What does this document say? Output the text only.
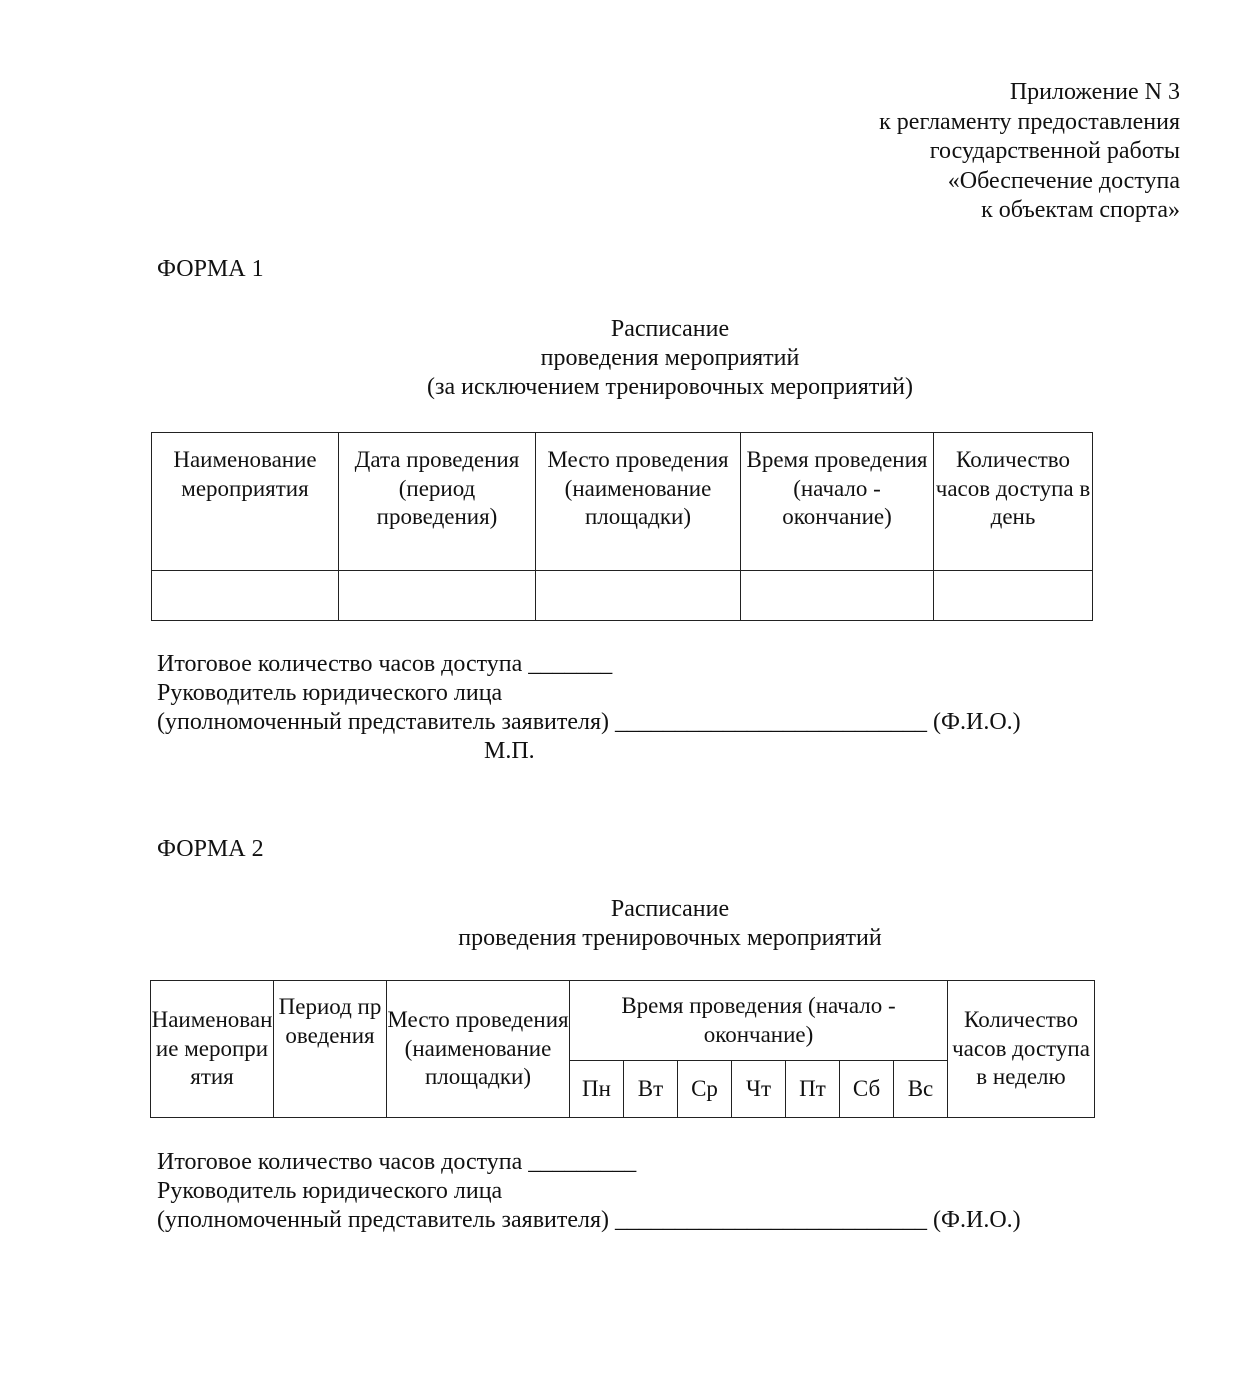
Приложение N 3
к регламенту предоставления
государственной работы
«Обеспечение доступа
к объектам спорта»
ФОРМА 1
Расписание
проведения мероприятий
(за исключением тренировочных мероприятий)
Наименование мероприятия	Дата проведения (период проведения)	Место проведения (наименование площадки)	Время проведения (начало - окончание)	Количество часов доступа в день

Итоговое количество часов доступа _______
Руководитель юридического лица
(уполномоченный представитель заявителя) __________________________ (Ф.И.О.)
М.П.
ФОРМА 2
Расписание
проведения тренировочных мероприятий
Наименование мероприятия	Период проведения	Место проведения (наименование площадки)	Время проведения (начало - окончание)							Количество часов доступа в неделю
			Пн	Вт	Ср	Чт	Пт	Сб	Вс	
Итоговое количество часов доступа _________
Руководитель юридического лица
(уполномоченный представитель заявителя) __________________________ (Ф.И.О.)
